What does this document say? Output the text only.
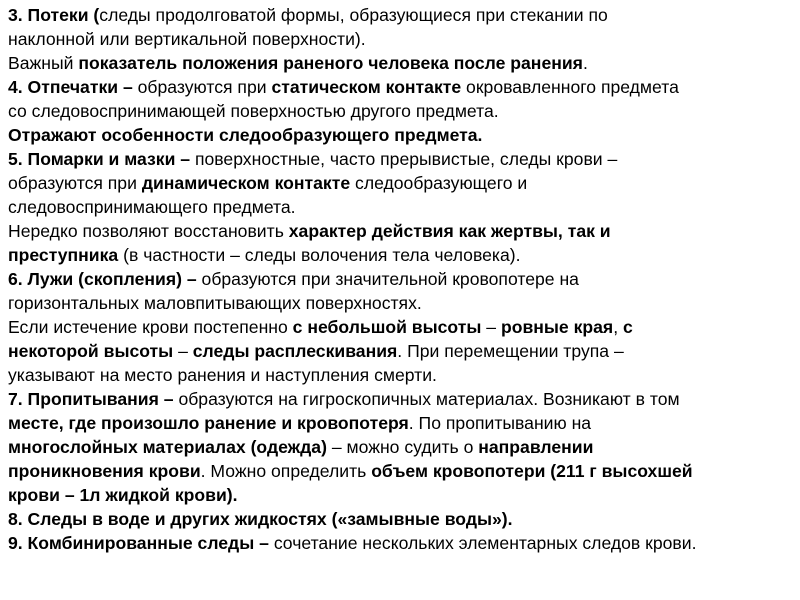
3. Потеки (следы продолговатой формы, образующиеся при стекании по
наклонной или вертикальной поверхности).
Важный показатель положения раненого человека после ранения.
4. Отпечатки – образуются при статическом контакте окровавленного предмета
со следовоспринимающей поверхностью другого предмета.
Отражают особенности следообразующего предмета.
5. Помарки и мазки – поверхностные, часто прерывистые, следы крови –
образуются при динамическом контакте следообразующего и
следовоспринимающего предмета.
Нередко позволяют восстановить характер действия как жертвы, так и
преступника (в частности – следы волочения тела человека).
6. Лужи (скопления) – образуются при значительной кровопотере на
горизонтальных маловпитывающих поверхностях.
Если истечение крови постепенно с небольшой высоты – ровные края, с
некоторой высоты – следы расплескивания. При перемещении трупа –
указывают на место ранения и наступления смерти.
7. Пропитывания – образуются на гигроскопичных материалах. Возникают в том
месте, где произошло ранение и кровопотеря. По пропитыванию на
многослойных материалах (одежда) – можно судить о направлении
проникновения крови. Можно определить объем кровопотери (211 г высохшей
крови – 1л жидкой крови).
8. Следы в воде и других жидкостях («замывные воды»).
9. Комбинированные следы – сочетание нескольких элементарных следов крови.
